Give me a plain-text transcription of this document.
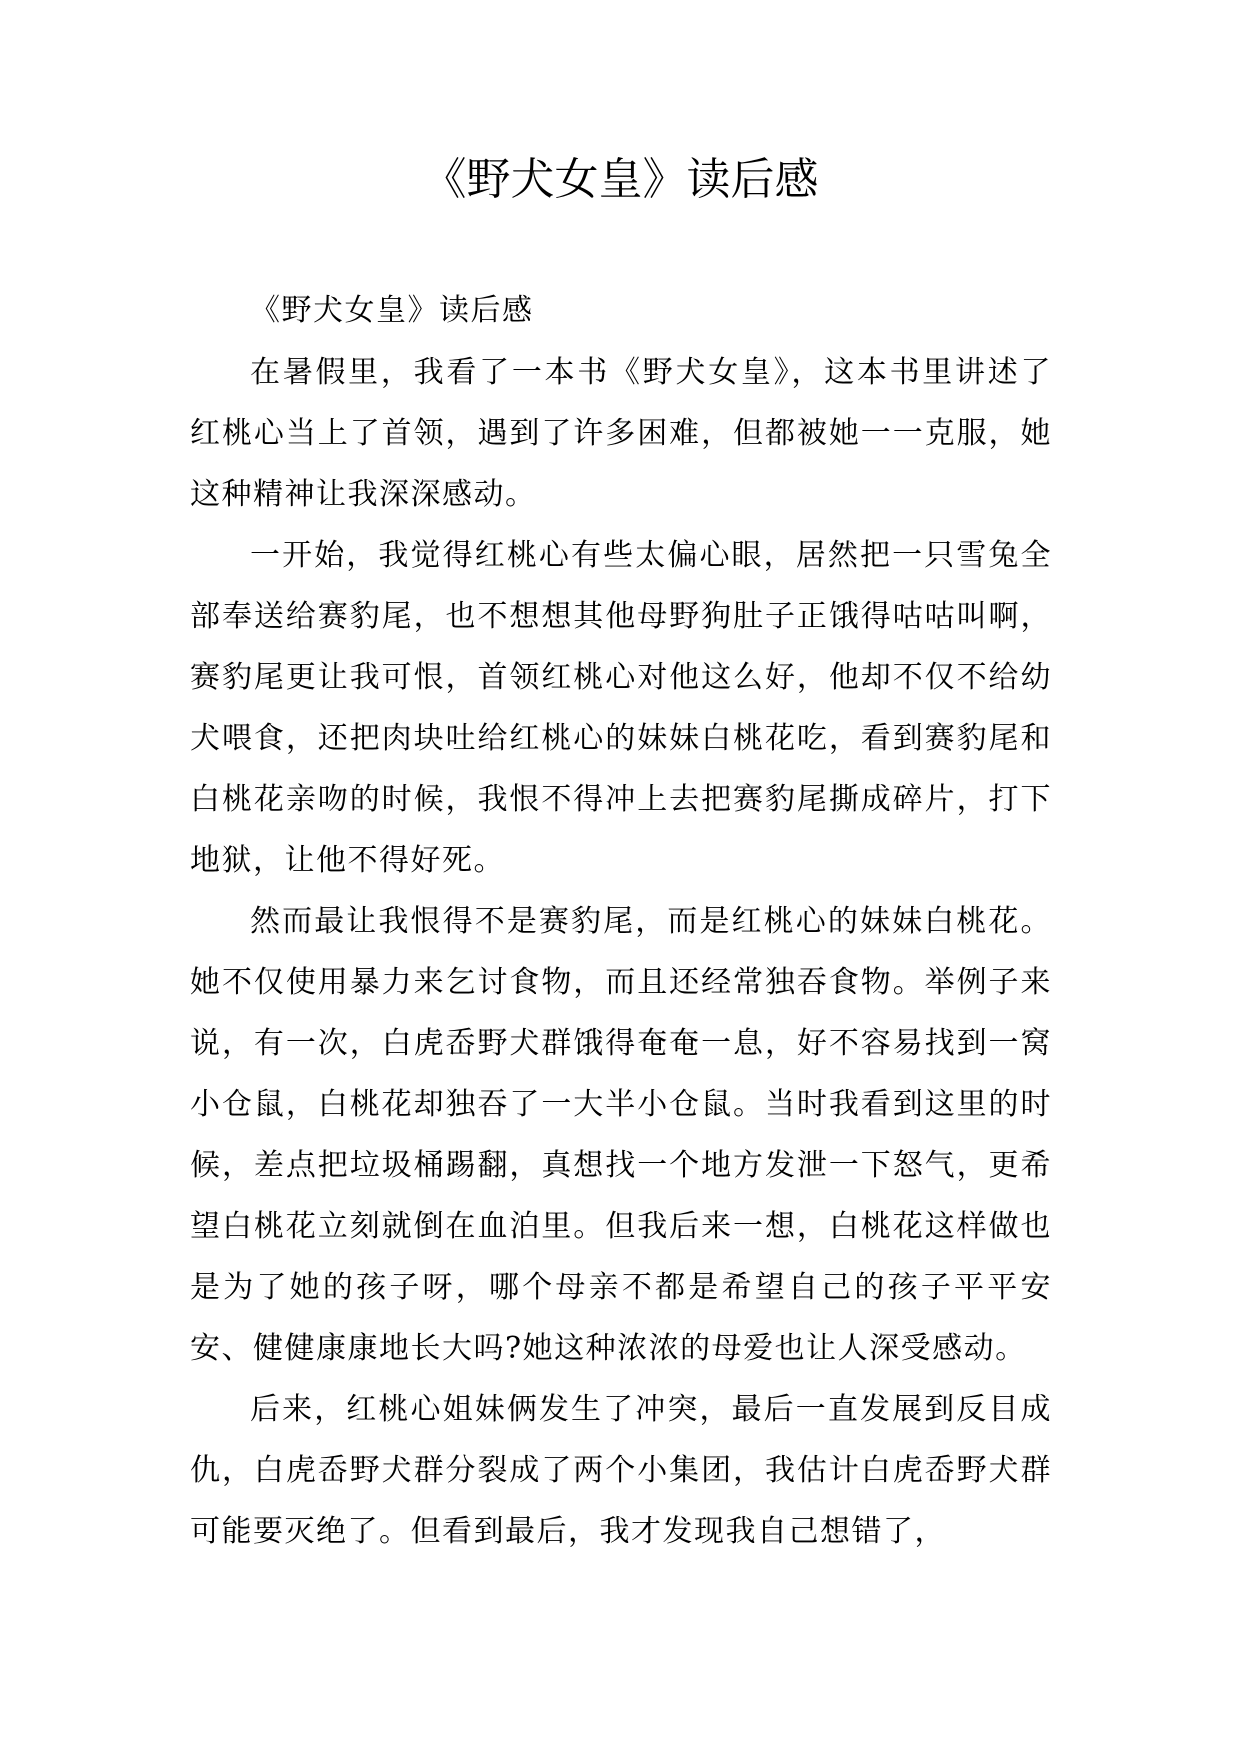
《野犬女皇》读后感

《野犬女皇》读后感

在暑假里，我看了一本书《野犬女皇》，这本书里讲述了红桃心当上了首领，遇到了许多困难，但都被她一一克服，她这种精神让我深深感动。

一开始，我觉得红桃心有些太偏心眼，居然把一只雪兔全部奉送给赛豹尾，也不想想其他母野狗肚子正饿得咕咕叫啊，赛豹尾更让我可恨，首领红桃心对他这么好，他却不仅不给幼犬喂食，还把肉块吐给红桃心的妹妹白桃花吃，看到赛豹尾和白桃花亲吻的时候，我恨不得冲上去把赛豹尾撕成碎片，打下地狱，让他不得好死。

然而最让我恨得不是赛豹尾，而是红桃心的妹妹白桃花。她不仅使用暴力来乞讨食物，而且还经常独吞食物。举例子来说，有一次，白虎岙野犬群饿得奄奄一息，好不容易找到一窝小仓鼠，白桃花却独吞了一大半小仓鼠。当时我看到这里的时候，差点把垃圾桶踢翻，真想找一个地方发泄一下怒气，更希望白桃花立刻就倒在血泊里。但我后来一想，白桃花这样做也是为了她的孩子呀，哪个母亲不都是希望自己的孩子平平安安、健健康康地长大吗?她这种浓浓的母爱也让人深受感动。

后来，红桃心姐妹俩发生了冲突，最后一直发展到反目成仇，白虎岙野犬群分裂成了两个小集团，我估计白虎岙野犬群可能要灭绝了。但看到最后，我才发现我自己想错了，
